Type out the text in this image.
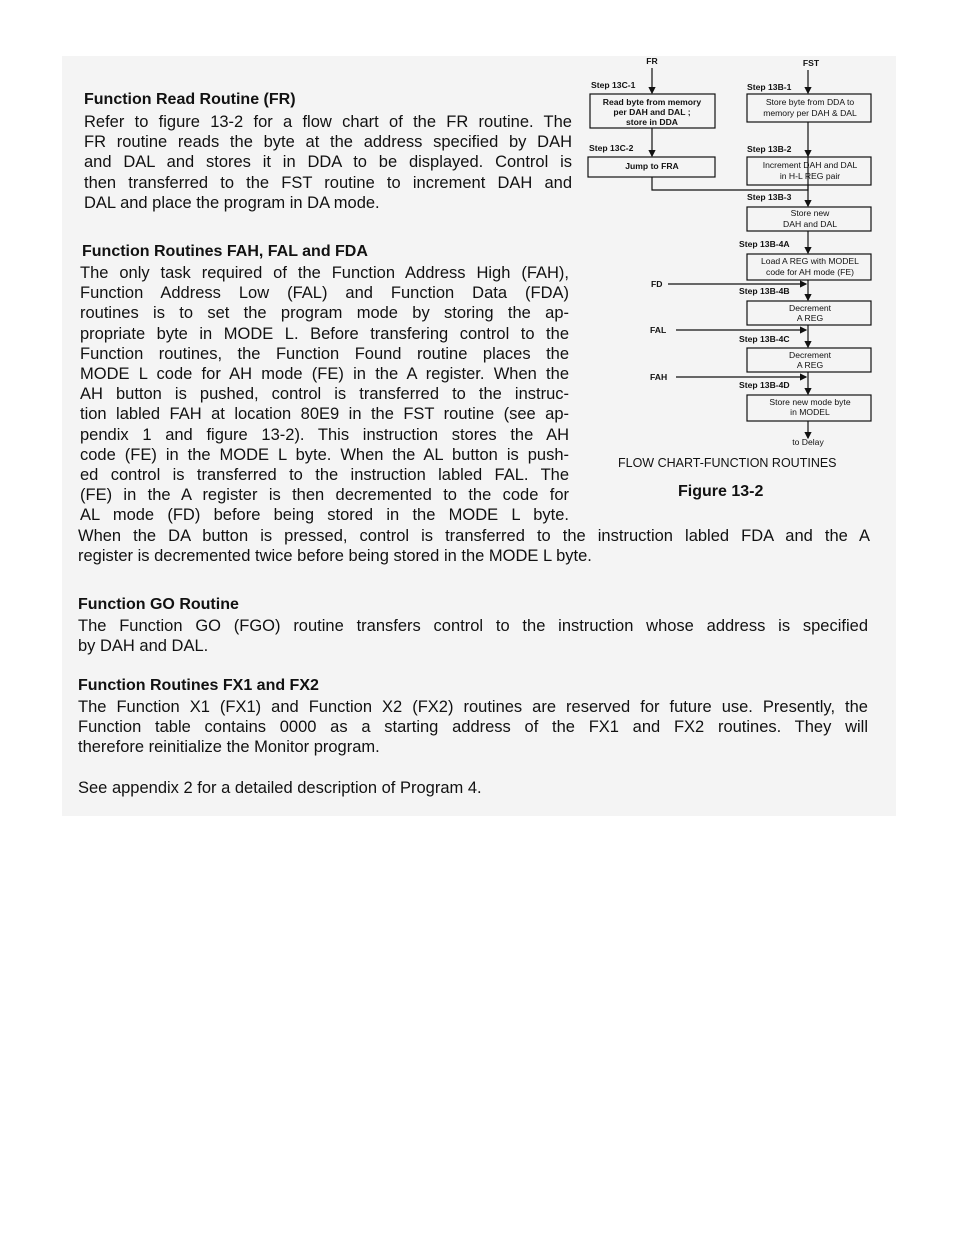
Function Read Routine (FR)
Refer to figure 13-2 for a flow chart of the FR routine. The
FR routine reads the byte at the address specified by DAH
and DAL and stores it in DDA to be displayed. Control is
then transferred to the FST routine to increment DAH and
DAL and place the program in DA mode.
Function Routines FAH, FAL and FDA
The only task required of the Function Address High (FAH),
Function Address Low (FAL) and Function Data (FDA)
routines is to set the program mode by storing the ap-
propriate byte in MODE L. Before transfering control to the
Function routines, the Function Found routine places the
MODE L code for AH mode (FE) in the A register. When the
AH button is pushed, control is transferred to the instruc-
tion labled FAH at location 80E9 in the FST routine (see ap-
pendix 1 and figure 13-2). This instruction stores the AH
code (FE) in the MODE L byte. When the AL button is push-
ed control is transferred to the instruction labled FAL. The
(FE) in the A register is then decremented to the code for
AL mode (FD) before being stored in the MODE L byte.
When the DA button is pressed, control is transferred to the instruction labled FDA and the A
register is decremented twice before being stored in the MODE L byte.
Function GO Routine
The Function GO (FGO) routine transfers control to the instruction whose address is specified
by DAH and DAL.
Function Routines FX1 and FX2
The Function X1 (FX1) and Function X2 (FX2) routines are reserved for future use. Presently, the
Function table contains 0000 as a starting address of the FX1 and FX2 routines. They will
therefore reinitialize the Monitor program.
See appendix 2 for a detailed description of Program 4.
FR	FST
Step 13C-1
Read byte from memory
per DAH and DAL ;
store in DDA
Step 13C-2
Jump to FRA
Step 13B-1
Store byte from DDA to
memory per DAH & DAL
Step 13B-2
Increment DAH and DAL
in H-L REG pair
Step 13B-3
Store new
DAH and DAL
Step 13B-4A
Load A REG with MODEL
code for AH mode (FE)
Step 13B-4B
Decrement
A REG
Step 13B-4C
Decrement
A REG
Step 13B-4D
Store new mode byte
in MODEL
FD
FAL
FAH
to Delay

FLOW CHART-FUNCTION ROUTINES

Figure 13-2
